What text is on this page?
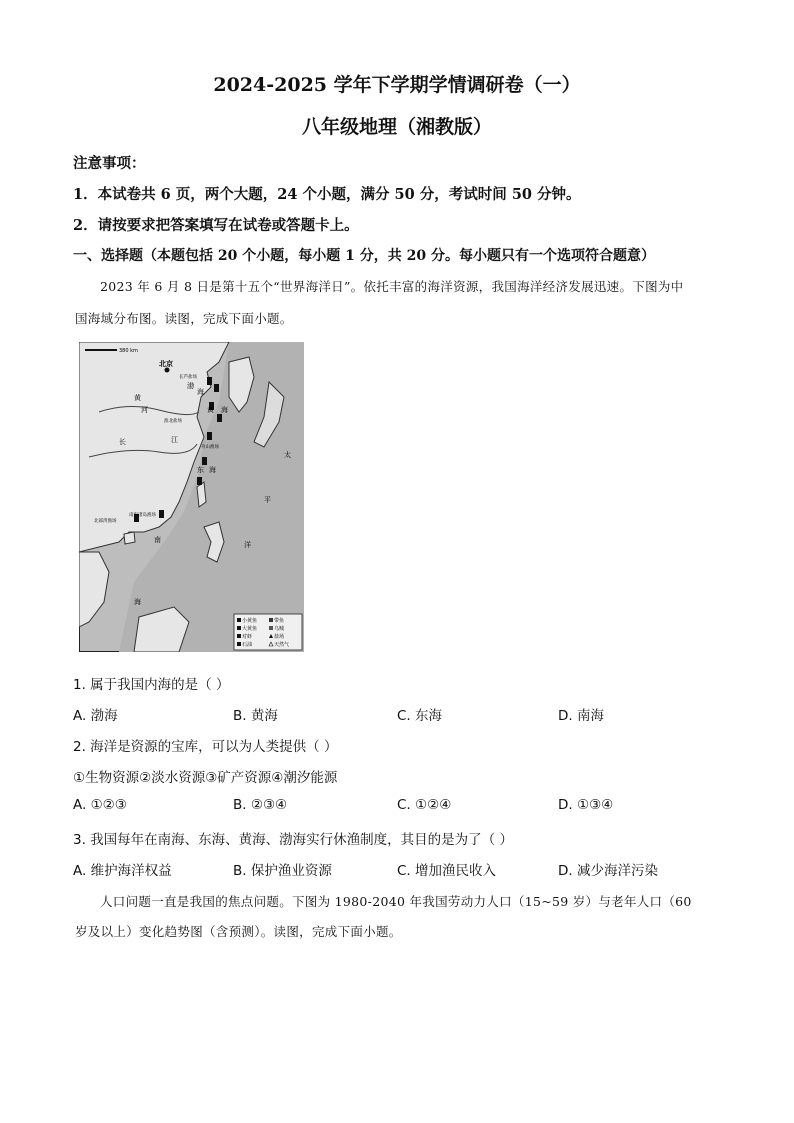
2024-2025 学年下学期学情调研卷（一）
八年级地理（湘教版）
注意事项：
1．本试卷共 6 页，两个大题，24 个小题，满分 50 分，考试时间 50 分钟。
2．请按要求把答案填写在试卷或答题卡上。
一、选择题（本题包括 20 个小题，每小题 1 分，共 20 分。每小题只有一个选项符合题意）
2023 年 6 月 8 日是第十五个“世界海洋日”。依托丰富的海洋资源，我国海洋经济发展迅速。下图为中
国海域分布图。读图，完成下面小题。
380 km
北京
长芦盐场
渤
海
淮北盐场
黄 海
舟山渔场
东 海
太
平
洋
黄
河
长	江
北部湾渔场
南海诸岛渔场
南
海
小黄鱼	带鱼
大黄鱼	乌贼
对虾	盐场
石油	天然气
1. 属于我国内海的是（ ）
A. 渤海	B. 黄海	C. 东海	D. 南海
2. 海洋是资源的宝库，可以为人类提供（ ）
①生物资源②淡水资源③矿产资源④潮汐能源
A. ①②③	B. ②③④	C. ①②④	D. ①③④
3. 我国每年在南海、东海、黄海、渤海实行休渔制度，其目的是为了（ ）
A. 维护海洋权益	B. 保护渔业资源	C. 增加渔民收入	D. 减少海洋污染
人口问题一直是我国的焦点问题。下图为 1980-2040 年我国劳动力人口（15~59 岁）与老年人口（60
岁及以上）变化趋势图（含预测）。读图，完成下面小题。
